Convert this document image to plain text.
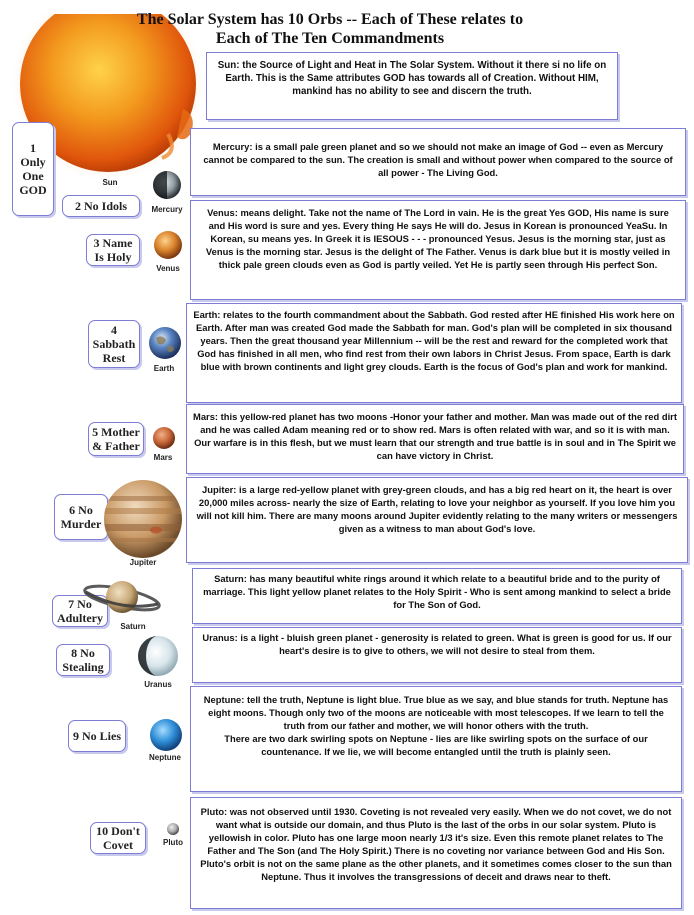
The Solar System has 10 Orbs -- Each of These relates to Each of The Ten Commandments
Sun: the Source of Light and Heat in The Solar System. Without it there si no life on Earth. This is the Same attributes GOD has towards all of Creation. Without HIM, mankind has no ability to see and discern the truth.
Sun
1
Only
One
GOD
2 No Idols
3 Name
Is Holy
4
Sabbath
Rest
5 Mother
& Father
6 No
Murder
7 No
Adultery
8 No
Stealing
9 No Lies
10 Don't
Covet
Mercury
Venus
Earth
Mars
Jupiter
Saturn
Uranus
Neptune
Pluto
Mercury: is a small pale green planet and so we should not make an image of God -- even as Mercury cannot be compared to the sun. The creation is small and without power when compared to the source of all power - The Living God.
Venus: means delight. Take not the name of The Lord in vain. He is the great Yes GOD, His name is sure and His word is sure and yes. Every thing He says He will do. Jesus in Korean is pronounced YeaSu. In Korean, su means yes. In Greek it is IESOUS - - - pronounced Yesus. Jesus is the morning star, just as Venus is the morning star. Jesus is the delight of The Father. Venus is dark blue but it is mostly veiled in thick pale green clouds even as God is partly veiled. Yet He is partly seen through His perfect Son.
Earth: relates to the fourth commandment about the Sabbath. God rested after HE finished His work here on Earth. After man was created God made the Sabbath for man. God's plan will be completed in six thousand years. Then the great thousand year Millennium -- will be the rest and reward for the completed work that God has finished in all men, who find rest from their own labors in Christ Jesus. From space, Earth is dark blue with brown continents and light grey clouds. Earth is the focus of God's plan and work for mankind.
Mars: this yellow-red planet has two moons -Honor your father and mother. Man was made out of the red dirt and he was called Adam meaning red or to show red. Mars is often related with war, and so it is with man. Our warfare is in this flesh, but we must learn that our strength and true battle is in soul and in The Spirit we can have victory in Christ.
Jupiter: is a large red-yellow planet with grey-green clouds, and has a big red heart on it, the heart is over 20,000 miles across- nearly the size of Earth, relating to love your neighbor as yourself. If you love him you will not kill him. There are many moons around Jupiter evidently relating to the many writers or messengers given as a witness to man about God's love.
Saturn: has many beautiful white rings around it which relate to a beautiful bride and to the purity of marriage. This light yellow planet relates to the Holy Spirit - Who is sent among mankind to select a bride for The Son of God.
Uranus: is a light - bluish green planet - generosity is related to green. What is green is good for us. If our heart's desire is to give to others, we will not desire to steal from them.
Neptune: tell the truth, Neptune is light blue. True blue as we say, and blue stands for truth. Neptune has eight moons. Though only two of the moons are noticeable with most telescopes. If we learn to tell the truth from our father and mother, we will honor others with the truth.
There are two dark swirling spots on Neptune - lies are like swirling spots on the surface of our countenance. If we lie, we will become entangled until the truth is plainly seen.
Pluto: was not observed until 1930. Coveting is not revealed very easily. When we do not covet, we do not want what is outside our domain, and thus Pluto is the last of the orbs in our solar system. Pluto is yellowish in color. Pluto has one large moon nearly 1/3 it's size. Even this remote planet relates to The Father and The Son (and The Holy Spirit.) There is no coveting nor variance between God and His Son. Pluto's orbit is not on the same plane as the other planets, and it sometimes comes closer to the sun than Neptune. Thus it involves the transgressions of deceit and draws near to theft.
